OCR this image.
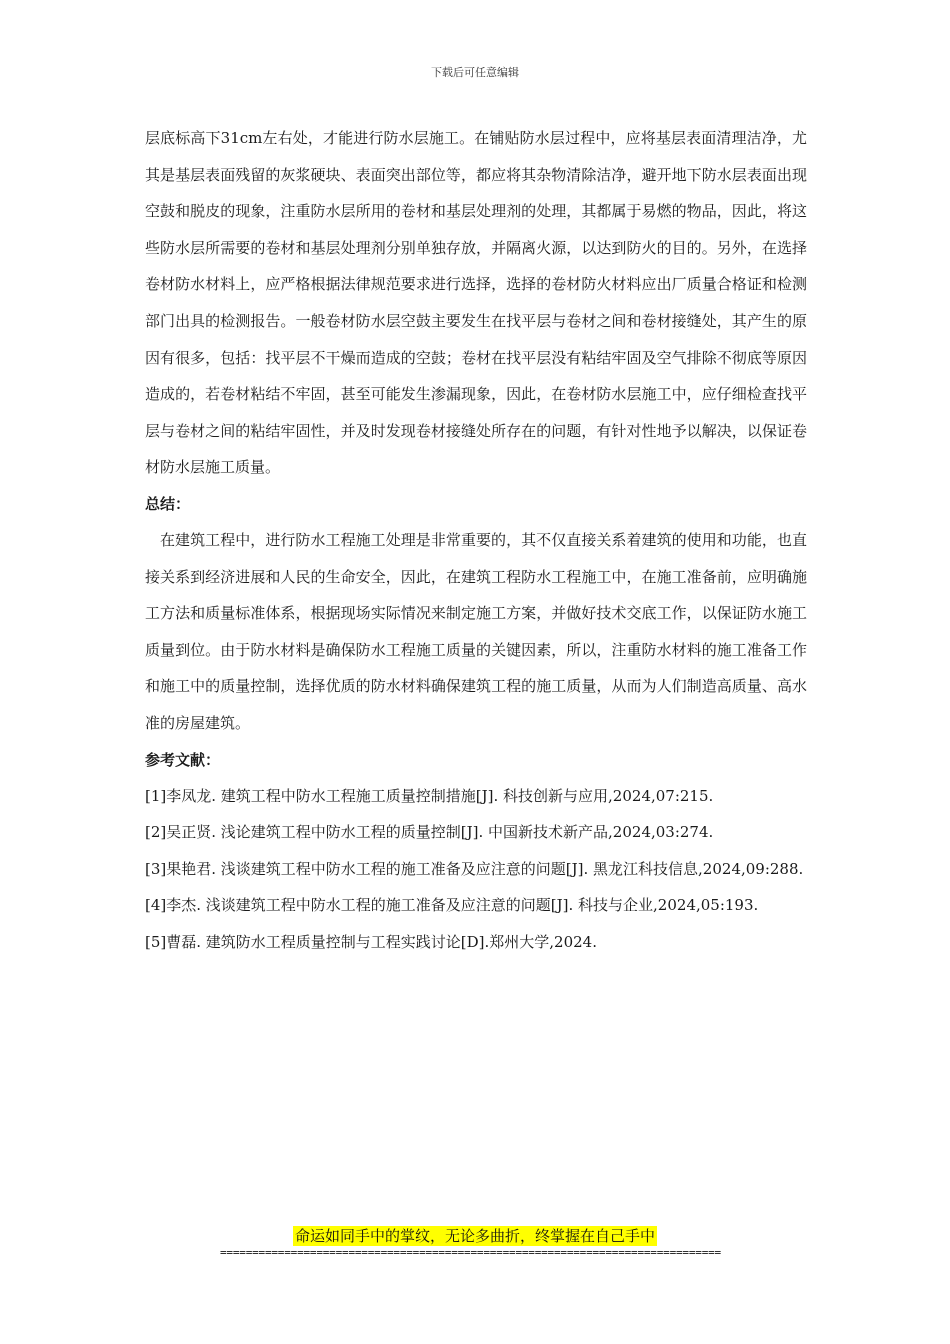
下载后可任意编辑

层底标高下31cm左右处，才能进行防水层施工。在铺贴防水层过程中，应将基层表面清理洁净，尤其是基层表面残留的灰浆硬块、表面突出部位等，都应将其杂物清除洁净，避开地下防水层表面出现空鼓和脱皮的现象，注重防水层所用的卷材和基层处理剂的处理，其都属于易燃的物品，因此，将这些防水层所需要的卷材和基层处理剂分别单独存放，并隔离火源，以达到防火的目的。另外，在选择卷材防水材料上，应严格根据法律规范要求进行选择，选择的卷材防火材料应出厂质量合格证和检测部门出具的检测报告。一般卷材防水层空鼓主要发生在找平层与卷材之间和卷材接缝处，其产生的原因有很多，包括：找平层不干燥而造成的空鼓；卷材在找平层没有粘结牢固及空气排除不彻底等原因造成的，若卷材粘结不牢固，甚至可能发生渗漏现象，因此，在卷材防水层施工中，应仔细检查找平层与卷材之间的粘结牢固性，并及时发现卷材接缝处所存在的问题，有针对性地予以解决，以保证卷材防水层施工质量。

总结：

在建筑工程中，进行防水工程施工处理是非常重要的，其不仅直接关系着建筑的使用和功能，也直接关系到经济进展和人民的生命安全，因此，在建筑工程防水工程施工中，在施工准备前，应明确施工方法和质量标准体系，根据现场实际情况来制定施工方案，并做好技术交底工作，以保证防水施工质量到位。由于防水材料是确保防水工程施工质量的关键因素，所以，注重防水材料的施工准备工作和施工中的质量控制，选择优质的防水材料确保建筑工程的施工质量，从而为人们制造高质量、高水准的房屋建筑。

参考文献：
[1]李凤龙. 建筑工程中防水工程施工质量控制措施[J]. 科技创新与应用,2024,07:215.
[2]吴正贤. 浅论建筑工程中防水工程的质量控制[J]. 中国新技术新产品,2024,03:274.
[3]果艳君. 浅谈建筑工程中防水工程的施工准备及应注意的问题[J]. 黑龙江科技信息,2024,09:288.
[4]李杰. 浅谈建筑工程中防水工程的施工准备及应注意的问题[J]. 科技与企业,2024,05:193.
[5]曹磊. 建筑防水工程质量控制与工程实践讨论[D].郑州大学,2024.
命运如同手中的掌纹，无论多曲折，终掌握在自己手中
==============================================================================
